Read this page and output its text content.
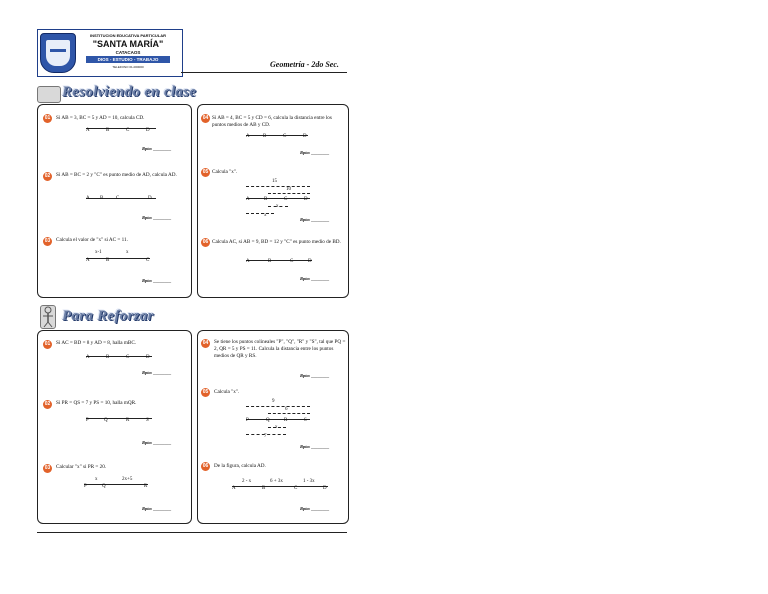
INSTITUCION EDUCATIVA PARTICULAR
"SANTA MARÍA"
CATACAOS
DIOS - ESTUDIO - TRABAJO
TELEFONO 01-000000	Geometría - 2do Sec.
Resolviendo en clase
01	Si AB = 3, BC = 5 y AD = 10, calcula CD.
A	B	C	D
Rpta: ________
02	Si AB = BC = 2 y "C" es punto medio de AD, calcula AD.
A B	C	D
Rpta: ________
03	Calcula el valor de "x" si AC = 11.
x-1	x
A	B	C
Rpta: ________
04 Si AB = 4, BC = 5 y CD = 6, calcula la distancia entre los puntos medios de AB y CD.
A	B	C	D
Rpta: ________
05 Calcula "x".
15
10
A	B	C	D
x
x
Rpta: ________
06 Calcula AC, si AB = 9, BD = 12 y "C" es punto medio de BD.
A	B	C	D
Rpta: ________
Para Reforzar
01	Si AC = BD = 8 y AD = 8, halla mBC.
A	B	C	D
Rpta: ________
02	Si PR = QS = 7 y PS = 10, halla mQR.
P	Q	R	S
Rpta: ________
03	Calcular "x" si PR = 20.
x	2x+5
P	Q	R
Rpta: ________
04	Se tiene los puntos colineales "P", "Q", "R" y "S", tal que PQ = 2, QR = 5 y PS = 11. Calcula la distancia entre los puntos medios de QR y RS.
Rpta: ________
05	Calcula "x".
9
6
P	Q	R	S
x
7
Rpta: ________
06	De la figura, calcula AD.
2 - x	6 + 3x	1 - 3x
A	B	C	D
Rpta: ________
